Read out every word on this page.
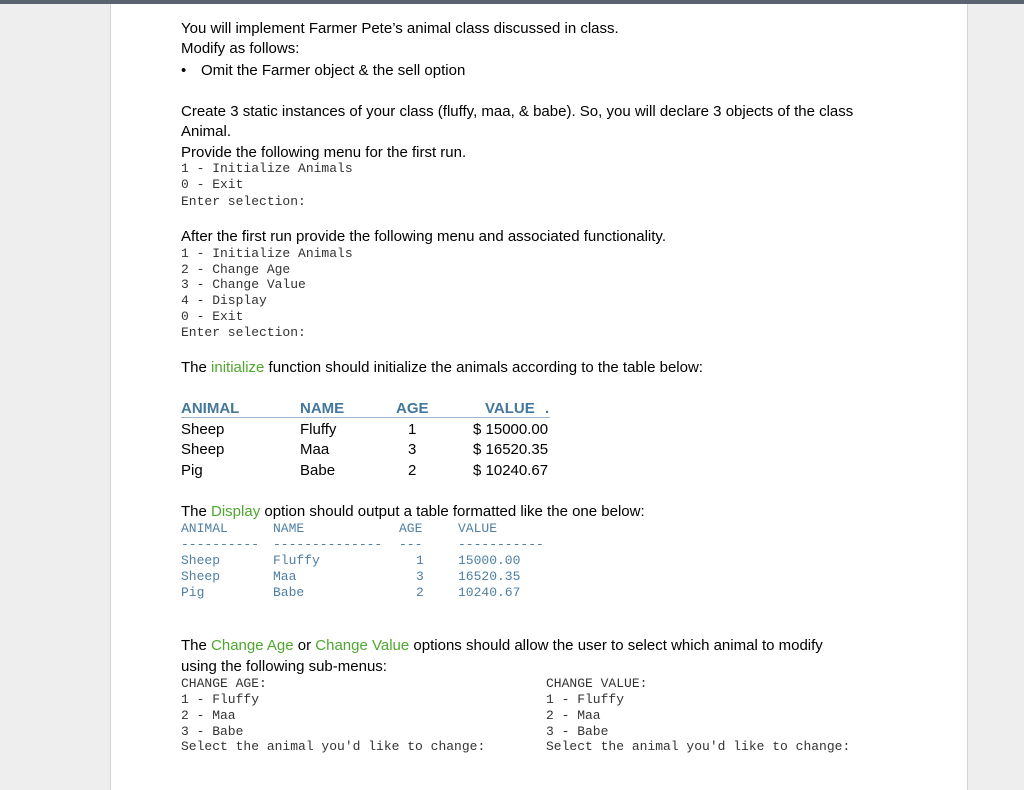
You will implement Farmer Pete’s animal class discussed in class.
Modify as follows:
• Omit the Farmer object & the sell option
Create 3 static instances of your class (fluffy, maa, & babe). So, you will declare 3 objects of the class
Animal.
Provide the following menu for the first run.
1 - Initialize Animals
0 - Exit
Enter selection:
After the first run provide the following menu and associated functionality.
1 - Initialize Animals
2 - Change Age
3 - Change Value
4 - Display
0 - Exit
Enter selection:
The initialize function should initialize the animals according to the table below:
ANIMAL	NAME	AGE	VALUE .
Sheep	Fluffy	1	$ 15000.00
Sheep	Maa	3	$ 16520.35
Pig	Babe	2	$ 10240.67
The Display option should output a table formatted like the one below:
ANIMAL	NAME	AGE	VALUE
---------- -------------- ---	-----------
Sheep	Fluffy	1	15000.00
Sheep	Maa	3	16520.35
Pig	Babe	2	10240.67
The Change Age or Change Value options should allow the user to select which animal to modify
using the following sub-menus:
CHANGE AGE:
1 - Fluffy
2 - Maa
3 - Babe
Select the animal you'd like to change:
CHANGE VALUE:
1 - Fluffy
2 - Maa
3 - Babe
Select the animal you'd like to change:
